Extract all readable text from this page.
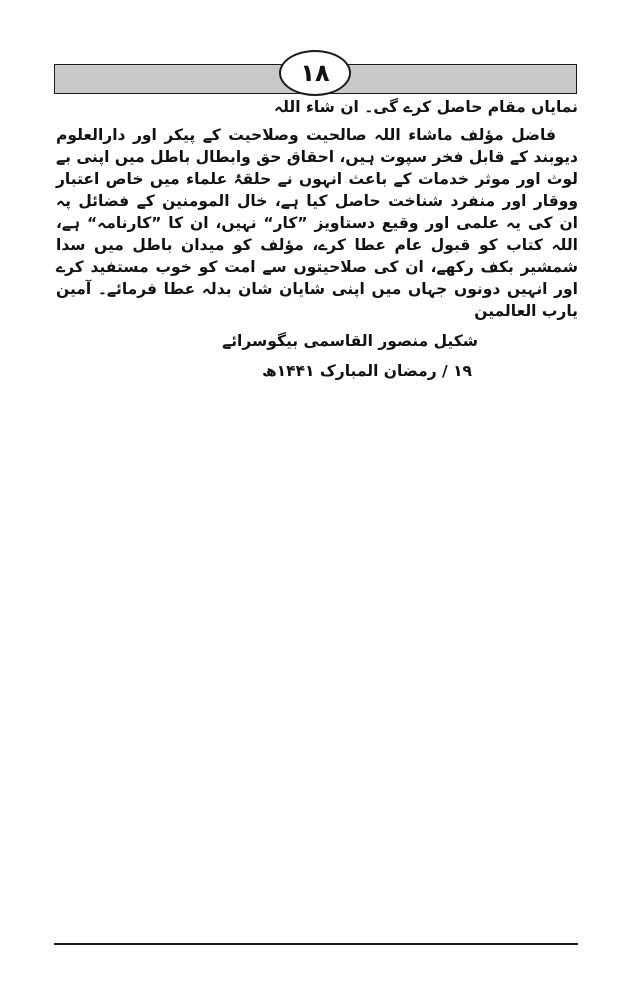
۱۸

نمایاں مقام حاصل کرے گی۔ ان شاء اللہ

فاضل مؤلف ماشاء اللہ صالحیت وصلاحیت کے پیکر اور دارالعلوم دیوبند کے قابل فخر سپوت ہیں، احقاق حق وابطال باطل میں اپنی بے لوث اور موثر خدمات کے باعث انہوں نے حلقۂ علماء میں خاص اعتبار ووقار اور منفرد شناخت حاصل کیا ہے، خال المومنین کے فضائل پہ ان کی یہ علمی اور وقیع دستاویز ”کار“ نہیں، ان کا ”کارنامہ“ ہے، اللہ کتاب کو قبول عام عطا کرے، مؤلف کو میدان باطل میں سدا شمشیر بکف رکھے، ان کی صلاحیتوں سے امت کو خوب مستفید کرے اور انہیں دونوں جہاں میں اپنی شایان شان بدلہ عطا فرمائے۔ آمین یارب العالمین

شکیل منصور القاسمی بیگوسرائے
۱۹ / رمضان المبارک ۱۴۴۱ھ
